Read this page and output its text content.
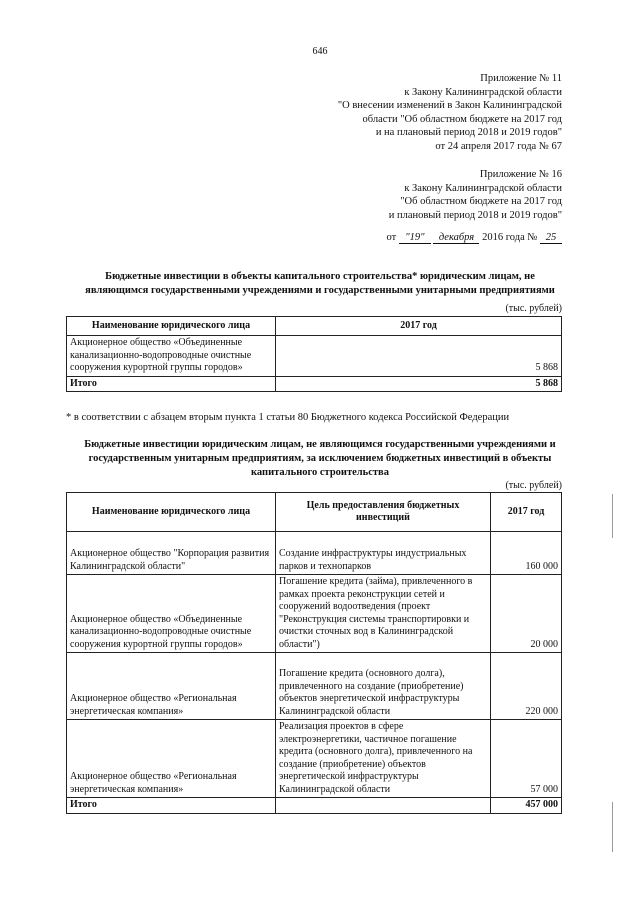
646
Приложение № 11
к Закону Калининградской области
"О внесении изменений в Закон Калининградской
области "Об областном бюджете на 2017 год
и на плановый период 2018 и 2019 годов"
от 24 апреля 2017 года № 67
Приложение № 16
к Закону Калининградской области
"Об областном бюджете на 2017 год
и плановый период 2018 и 2019 годов"
от "19" декабря 2016 года № 25
Бюджетные инвестиции в объекты капитального строительства* юридическим лицам, не
являющимся государственными учреждениями и государственными унитарными предприятиями
(тыс. рублей)
Наименование юридического лица	2017 год
Акционерное общество «Объединенные канализационно-водопроводные очистные сооружения курортной группы городов»	5 868
Итого	5 868
* в соответствии с абзацем вторым пункта 1 статьи 80 Бюджетного кодекса Российской Федерации
Бюджетные инвестиции юридическим лицам, не являющимся государственными учреждениями и
государственным унитарным предприятиям, за исключением бюджетных инвестиций в объекты
капитального строительства
(тыс. рублей)
Наименование юридического лица	Цель предоставления бюджетных инвестиций	2017 год
Акционерное общество "Корпорация развития Калининградской области"	Создание инфраструктуры индустриальных парков и технопарков	160 000
Акционерное общество «Объединенные канализационно-водопроводные очистные сооружения курортной группы городов»	Погашение кредита (займа), привлеченного в рамках проекта реконструкции сетей и сооружений водоотведения (проект "Реконструкция системы транспортировки и очистки сточных вод в Калининградской области")	20 000
Акционерное общество «Региональная энергетическая компания»	Погашение кредита (основного долга), привлеченного на создание (приобретение) объектов энергетической инфраструктуры Калининградской области	220 000
Акционерное общество «Региональная энергетическая компания»	Реализация проектов в сфере электроэнергетики, частичное погашение кредита (основного долга), привлеченного на создание (приобретение) объектов энергетической инфраструктуры Калининградской области	57 000
Итого		457 000
